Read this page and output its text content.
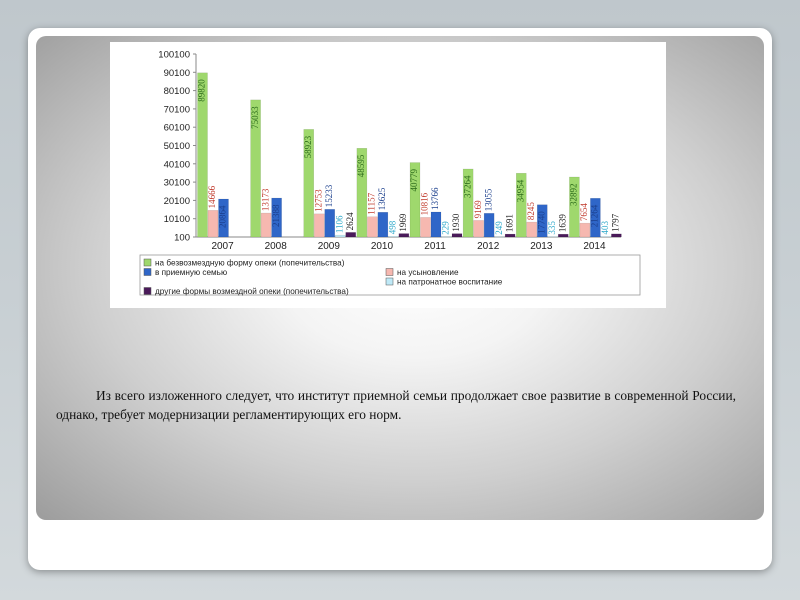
100
10100
20100
30100
40100
50100
60100
70100
80100
90100
100100
89820
14666
20864
2007
75033
13173
21388
2008
58923
12753 15233
1106 2624
2009
48595
11157 13625
498 1969
2010
40779
10816 13766
229 1930
2011
37264
9169 13055
249 1691
2012
34954
8245
17740 335 1639
2013
32892
7654 21264
403 1797
2014
на безвозмездную форму опеки (попечительства)
на усыновление
в приемную семью
на патронатное воспитание
другие формы возмездной опеки (попечительства)

Из всего изложенного следует, что институт приемной семьи продолжает свое развитие в современной России, однако, требует модернизации регламентирующих его норм.
